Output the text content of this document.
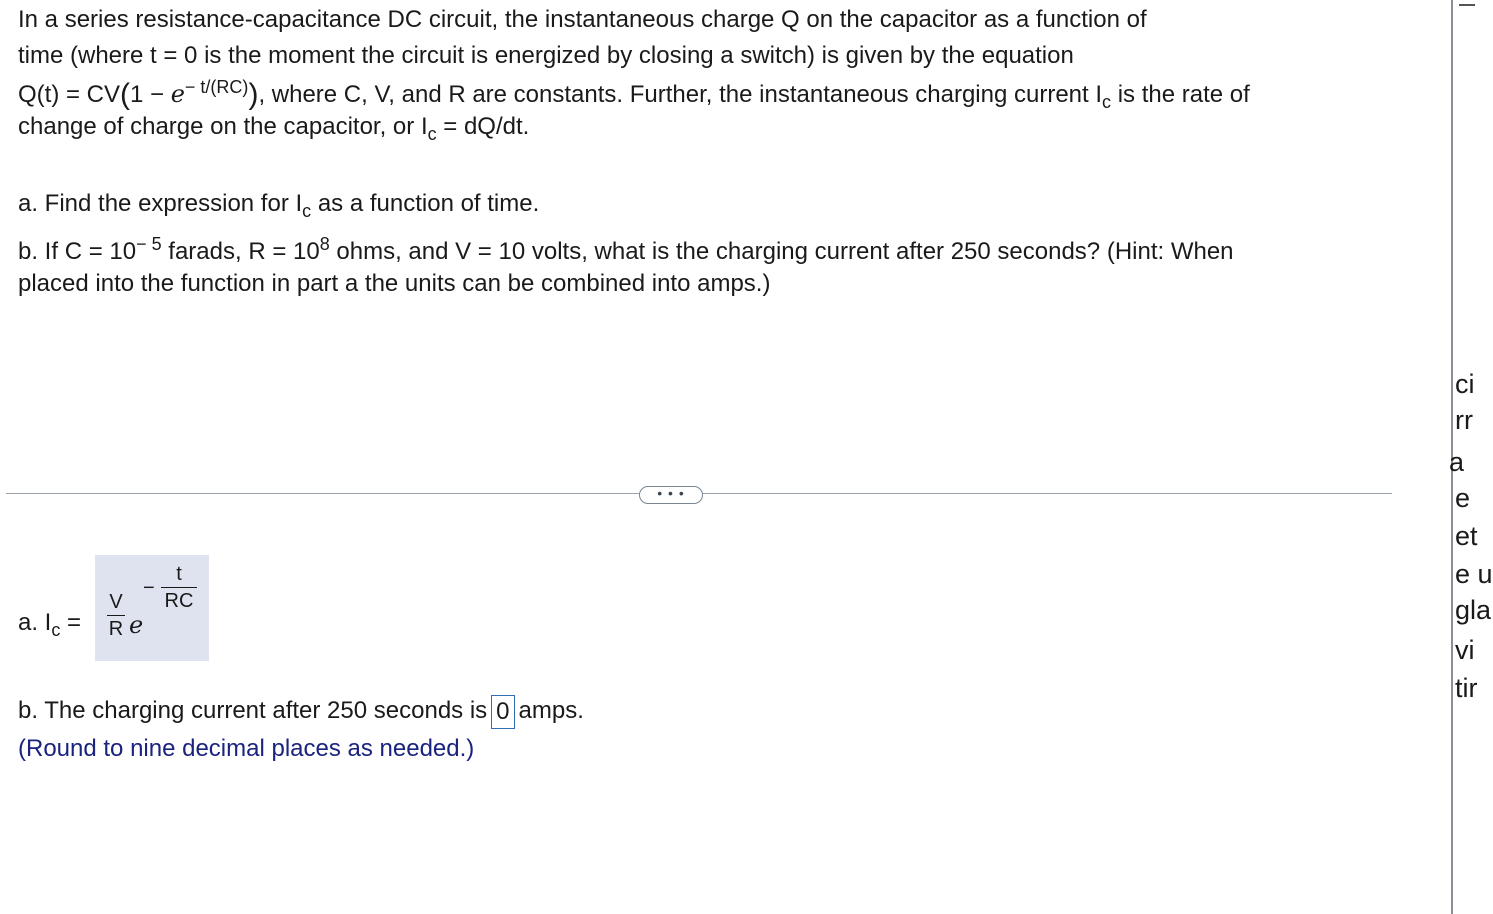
In a series resistance-capacitance DC circuit, the instantaneous charge Q on the capacitor as a function of

time (where t = 0 is the moment the circuit is energized by closing a switch) is given by the equation

$Q(t) = CV(1 - e^{- t/(RC)})$, where C, V, and R are constants. Further, the instantaneous charging current $I_c$ is the rate of

change of charge on the capacitor, or $I_c = dQ/dt$.

a. Find the expression for $I_c$ as a function of time.

b. If $C = 10^{- 5}$ farads, $R = 10^8$ ohms, and V = 10 volts, what is the charging current after 250 seconds? (Hint: When

placed into the function in part a the units can be combined into amps.)

• • •
a. $I_c$ =
V
R e
−
t
RC

b. The charging current after 250 seconds is 0 amps.

(Round to nine decimal places as needed.)

ci
rr
a
e
et
e u
gla
vi
tir
